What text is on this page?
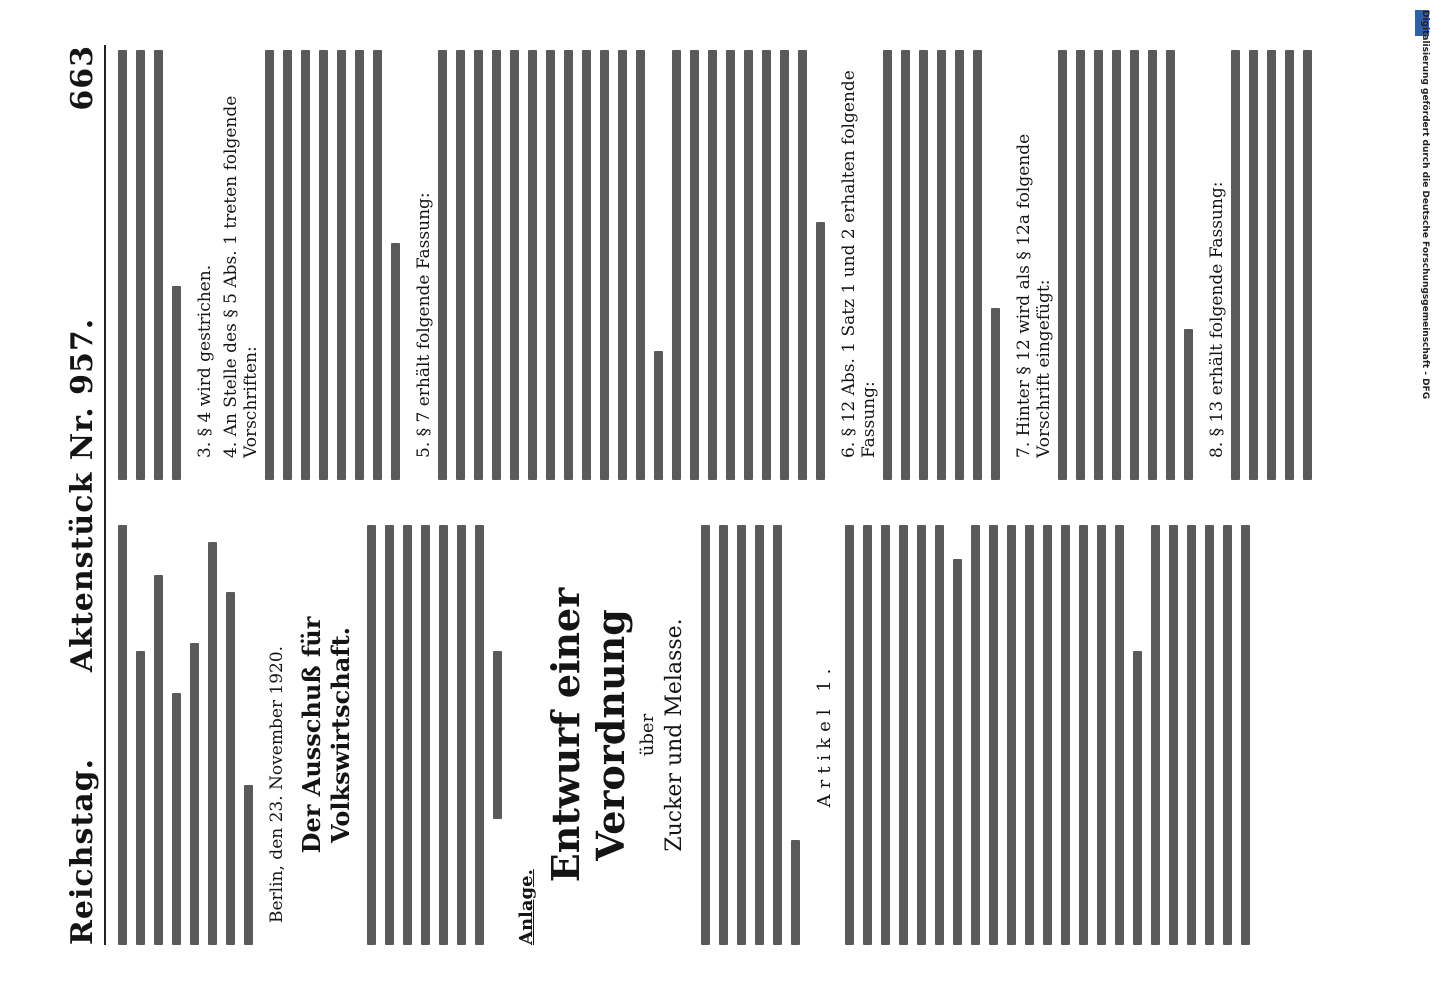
Reichstag.
Aktenstück Nr. 957.
663
Berlin, den 23. November 1920. Der Ausschuß für Volkswirtschaft.
Anlage.
Entwurf einer Verordnung über Zucker und Melasse.	Artikel 1.
3. § 4 wird gestrichen. 4. An Stelle des § 5 Abs. 1 treten folgende Vorschriften:	5. § 7 erhält folgende Fassung:	6. § 12 Abs. 1 Satz 1 und 2 erhalten folgende Fassung:	7. Hinter § 12 wird als § 12a folgende Vorschrift eingefügt:	8. § 13 erhält folgende Fassung:	Digitalisierung gefördert durch die Deutsche Forschungsgemeinschaft - DFG
